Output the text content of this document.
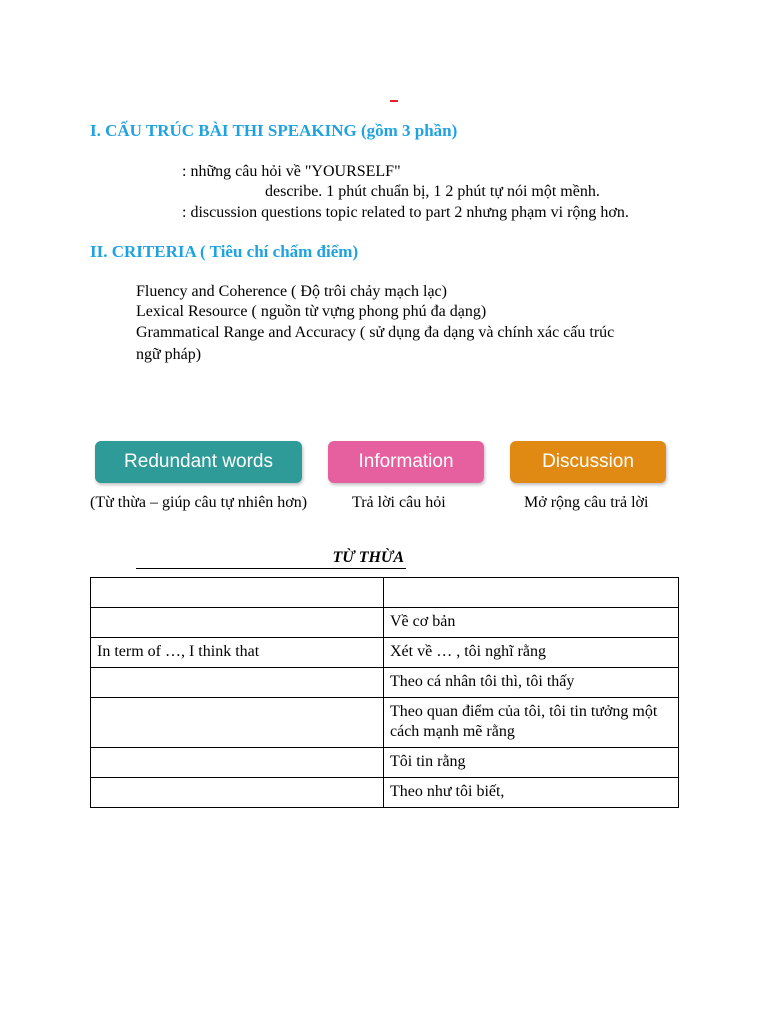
I. CẤU TRÚC BÀI THI SPEAKING (gồm 3 phần)
: những câu hỏi về "YOURSELF"
describe. 1 phút chuẩn bị, 1 2 phút tự nói một mềnh.
: discussion questions topic related to part 2 nhưng phạm vi rộng hơn.
II. CRITERIA ( Tiêu chí chấm điểm)
Fluency and Coherence ( Độ trôi chảy mạch lạc)
Lexical Resource ( nguồn từ vựng phong phú đa dạng)
Grammatical Range and Accuracy ( sử dụng đa dạng và chính xác cấu trúc
ngữ pháp)
Redundant words	Information	Discussion
(Từ thừa – giúp câu tự nhiên hơn)	Trả lời câu hỏi	Mở rộng câu trả lời
TỪ THỪA

	Về cơ bản
In term of …, I think that	Xét về … , tôi nghĩ rằng
	Theo cá nhân tôi thì, tôi thấy
	Theo quan điểm của tôi, tôi tin tưởng một cách mạnh mẽ rằng
	Tôi tin rằng
	Theo như tôi biết,
